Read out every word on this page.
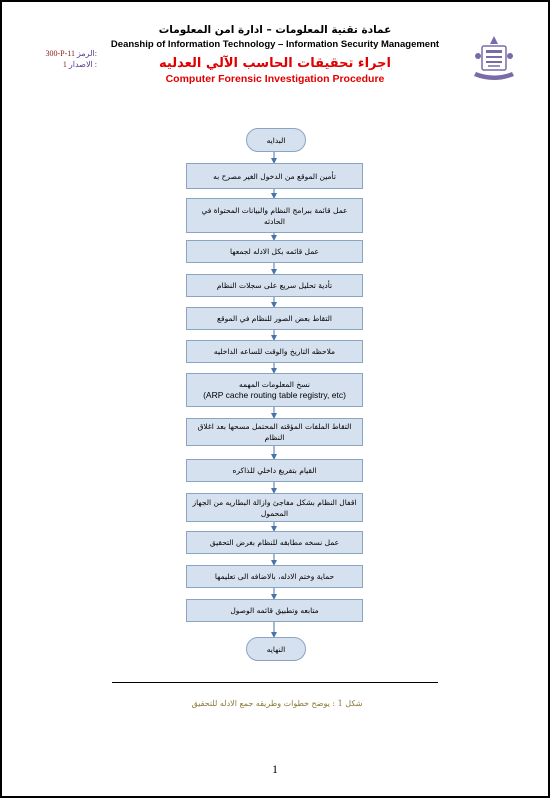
عمادة تقنية المعلومات – ادارة امن المعلومات
Deanship of Information Technology – Information Security Management
اجراء تحقيقات الحاسب الآلي العدليه
Computer Forensic Investigation Procedure
300-P-11 الرمز:
1 الاصدار :
البدايه
تأمين الموقع من الدخول الغير مصرح به
عمل قائمة ببرامج النظام والبيانات المحتواة في الحادثه
عمل قائمه بكل الادله لجمعها
تأدية تحليل سريع على سجلات النظام
التقاط بعض الصور للنظام في الموقع
ملاحظه التاريخ والوقت للساعه الداخليه
نسخ المعلومات المهمه
(ARP cache routing table registry, etc)
التقاط الملفات المؤقته المحتمل مسحها بعد اغلاق النظام
القيام بتفريغ داخلي للذاكره
اقفال النظام بشكل مفاجئ وازالة البطاريه من الجهاز المحمول
عمل نسخه مطابقه للنظام بغرض التحقيق
حماية وختم الادله، بالاضافه الى تعليمها
متابعه وتطبيق قائمه الوصول
النهايه
شكل 1 : يوضح خطوات وطريقه جمع الادله للتحقيق
1
